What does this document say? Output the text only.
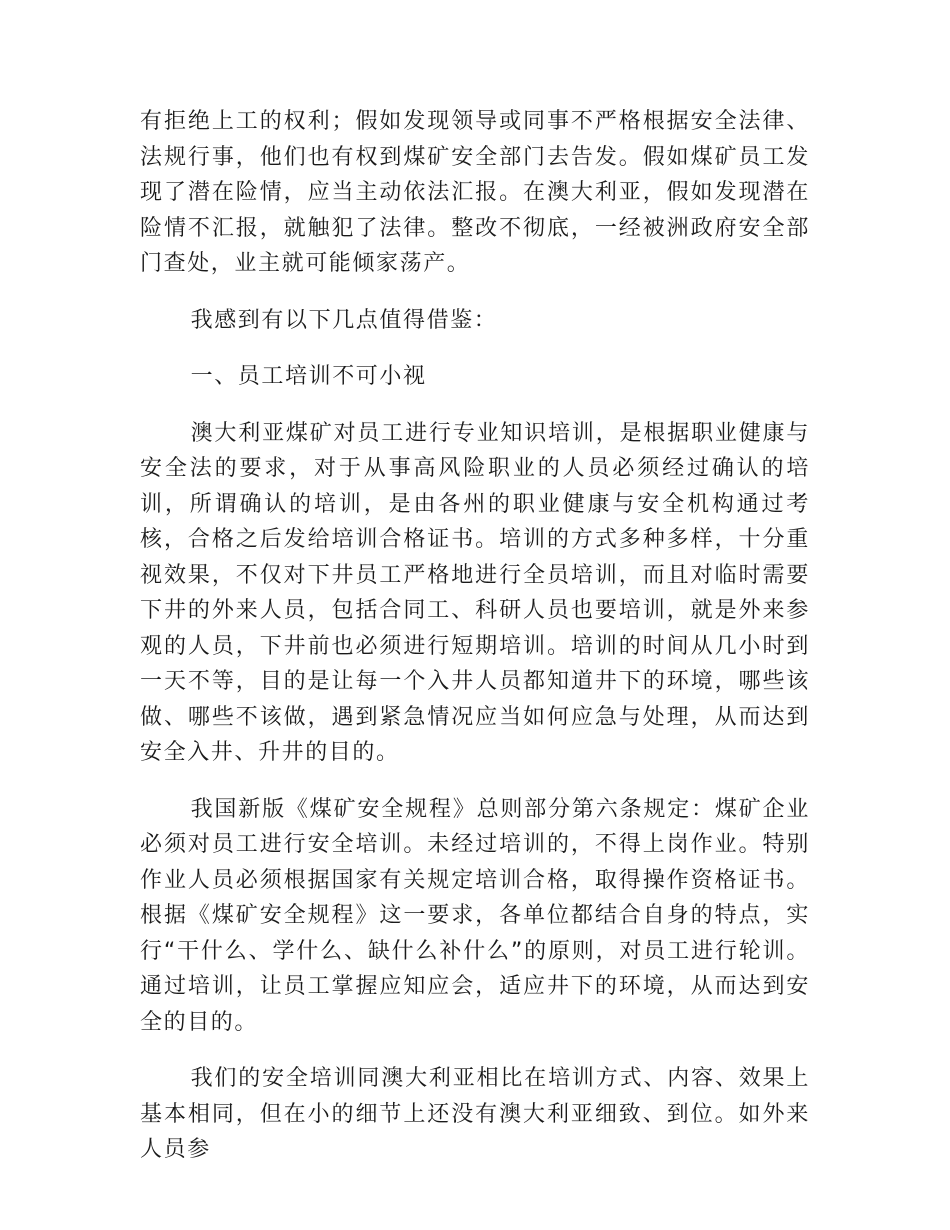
有拒绝上工的权利；假如发现领导或同事不严格根据安全法律、法规行事，他们也有权到煤矿安全部门去告发。假如煤矿员工发现了潜在险情，应当主动依法汇报。在澳大利亚，假如发现潜在险情不汇报，就触犯了法律。整改不彻底，一经被洲政府安全部门查处，业主就可能倾家荡产。

我感到有以下几点值得借鉴：

一、员工培训不可小视

澳大利亚煤矿对员工进行专业知识培训，是根据职业健康与安全法的要求，对于从事高风险职业的人员必须经过确认的培训，所谓确认的培训，是由各州的职业健康与安全机构通过考核，合格之后发给培训合格证书。培训的方式多种多样，十分重视效果，不仅对下井员工严格地进行全员培训，而且对临时需要下井的外来人员，包括合同工、科研人员也要培训，就是外来参观的人员，下井前也必须进行短期培训。培训的时间从几小时到一天不等，目的是让每一个入井人员都知道井下的环境，哪些该做、哪些不该做，遇到紧急情况应当如何应急与处理，从而达到安全入井、升井的目的。

我国新版《煤矿安全规程》总则部分第六条规定：煤矿企业必须对员工进行安全培训。未经过培训的，不得上岗作业。特别作业人员必须根据国家有关规定培训合格，取得操作资格证书。根据《煤矿安全规程》这一要求，各单位都结合自身的特点，实行“干什么、学什么、缺什么补什么”的原则，对员工进行轮训。通过培训，让员工掌握应知应会，适应井下的环境，从而达到安全的目的。

我们的安全培训同澳大利亚相比在培训方式、内容、效果上基本相同，但在小的细节上还没有澳大利亚细致、到位。如外来人员参
